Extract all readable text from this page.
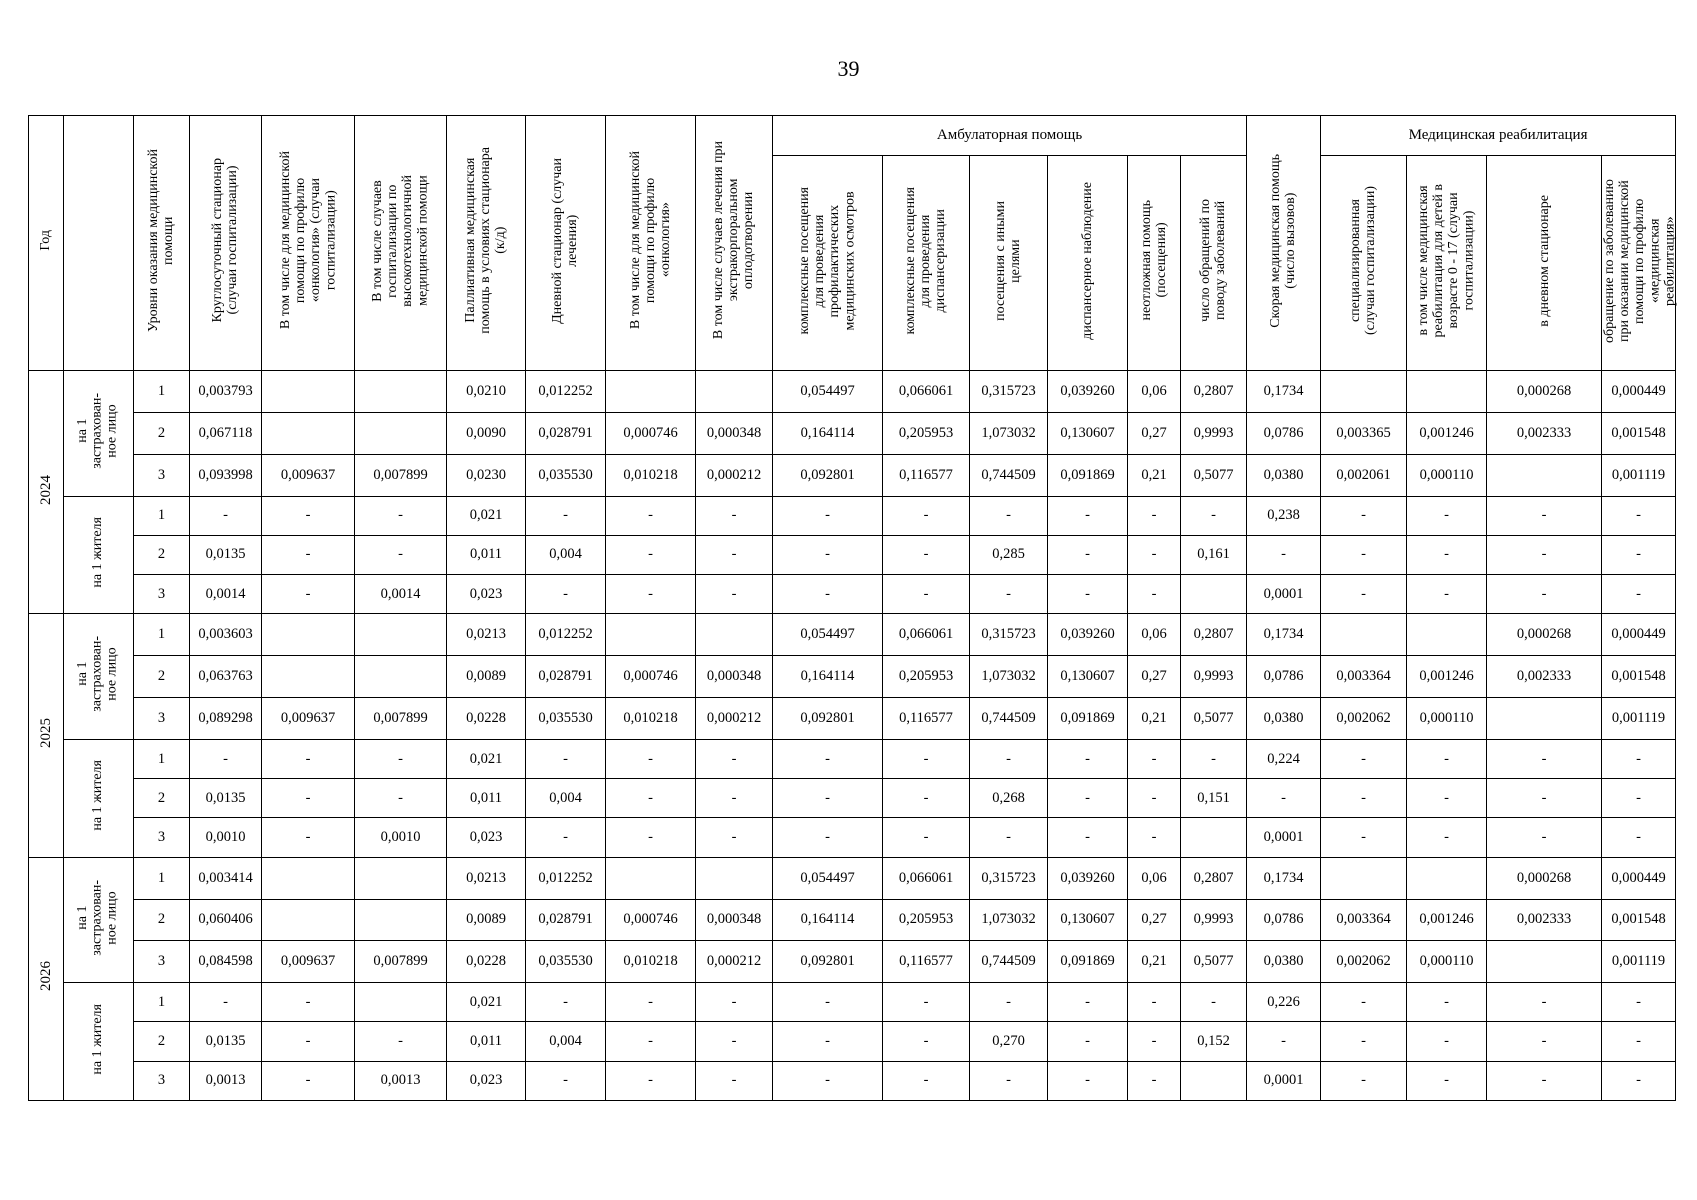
39
Год		Уровни оказания медицинской
помощи	Круглосуточный стационар
(случаи госпитализации)	В том числе для медицинской
помощи по профилю
«онкология» (случаи
госпитализации)	В том числе случаев
госпитализации по
высокотехнологичной
медицинской помощи	Паллиативная медицинская
помощь в условиях стационара
(к/д)	Дневной стационар (случаи
лечения)	В том числе для медицинской
помощи по профилю
«онкология»	В том числе случаев лечения при
экстракорпоральном
оплодотворении	Амбулаторная помощь						Скорая медицинская помощь
(число вызовов)	Медицинская реабилитация			
										комплексные посещения
для проведения
профилактических
медицинских осмотров	комплексные посещения
для проведения
диспансеризации	посещения с иными
целями	диспансерное наблюдение	неотложная помощь
(посещения)	число обращений по
поводу заболеваний		специализированная
(случаи госпитализации)	в том числе медицинская
реабилитация для детей в
возрасте 0 - 17 (случаи
госпитализации)	в дневном стационаре	обращение по заболеванию
при оказании медицинской
помощи по профилю
«медицинская
реабилитация»
2024	на 1
застрахован-
ное лицо	1	0,003793			0,0210	0,012252			0,054497	0,066061	0,315723	0,039260	0,06	0,2807	0,1734			0,000268	0,000449
		2	0,067118			0,0090	0,028791	0,000746	0,000348	0,164114	0,205953	1,073032	0,130607	0,27	0,9993	0,0786	0,003365	0,001246	0,002333	0,001548
		3	0,093998	0,009637	0,007899	0,0230	0,035530	0,010218	0,000212	0,092801	0,116577	0,744509	0,091869	0,21	0,5077	0,0380	0,002061	0,000110		0,001119
	на 1 жителя	1	-	-	-	0,021	-	-	-	-	-	-	-	-	-	0,238	-	-	-	-
		2	0,0135	-	-	0,011	0,004	-	-	-	-	0,285	-	-	0,161	-	-	-	-	-
		3	0,0014	-	0,0014	0,023	-	-	-	-	-	-	-	-		0,0001	-	-	-	-
2025	на 1
застрахован-
ное лицо	1	0,003603			0,0213	0,012252			0,054497	0,066061	0,315723	0,039260	0,06	0,2807	0,1734			0,000268	0,000449
		2	0,063763			0,0089	0,028791	0,000746	0,000348	0,164114	0,205953	1,073032	0,130607	0,27	0,9993	0,0786	0,003364	0,001246	0,002333	0,001548
		3	0,089298	0,009637	0,007899	0,0228	0,035530	0,010218	0,000212	0,092801	0,116577	0,744509	0,091869	0,21	0,5077	0,0380	0,002062	0,000110		0,001119
	на 1 жителя	1	-	-	-	0,021	-	-	-	-	-	-	-	-	-	0,224	-	-	-	-
		2	0,0135	-	-	0,011	0,004	-	-	-	-	0,268	-	-	0,151	-	-	-	-	-
		3	0,0010	-	0,0010	0,023	-	-	-	-	-	-	-	-		0,0001	-	-	-	-
2026	на 1
застрахован-
ное лицо	1	0,003414			0,0213	0,012252			0,054497	0,066061	0,315723	0,039260	0,06	0,2807	0,1734			0,000268	0,000449
		2	0,060406			0,0089	0,028791	0,000746	0,000348	0,164114	0,205953	1,073032	0,130607	0,27	0,9993	0,0786	0,003364	0,001246	0,002333	0,001548
		3	0,084598	0,009637	0,007899	0,0228	0,035530	0,010218	0,000212	0,092801	0,116577	0,744509	0,091869	0,21	0,5077	0,0380	0,002062	0,000110		0,001119
	на 1 жителя	1	-	-		0,021	-	-	-	-	-	-	-	-	-	0,226	-	-	-	-
		2	0,0135	-	-	0,011	0,004	-	-	-	-	0,270	-	-	0,152	-	-	-	-	-
		3	0,0013	-	0,0013	0,023	-	-	-	-	-	-	-	-		0,0001	-	-	-	-
